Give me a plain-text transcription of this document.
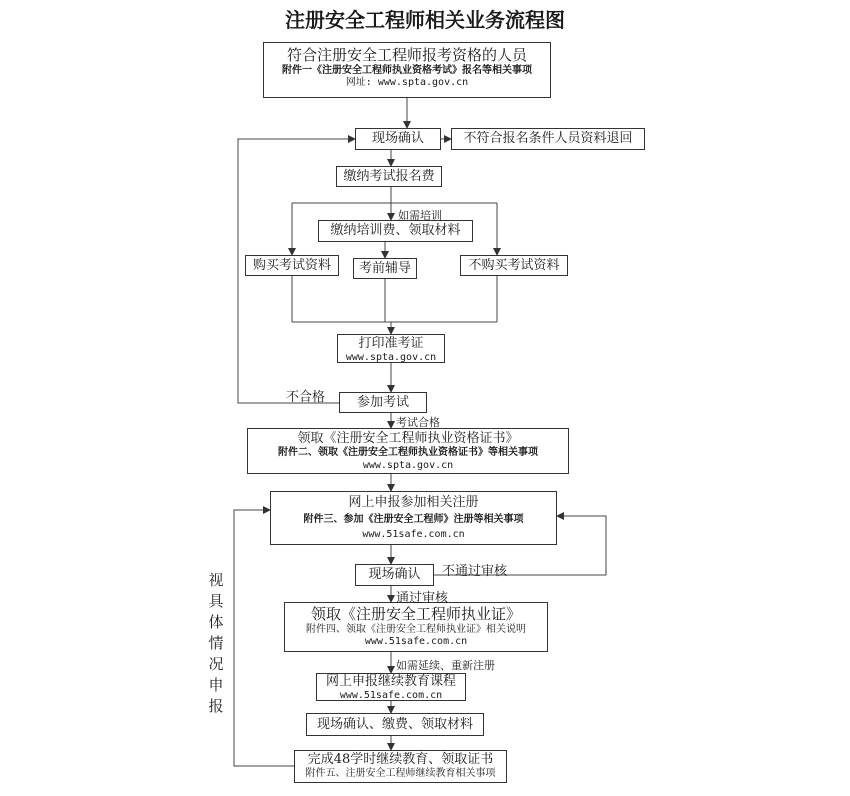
注册安全工程师相关业务流程图
符合注册安全工程师报考资格的人员
附件一《注册安全工程师执业资格考试》报名等相关事项
网址: www.spta.gov.cn
现场确认	不符合报名条件人员资料退回
缴纳考试报名费
缴纳培训费、领取材料
购买考试资料	考前辅导	不购买考试资料
打印准考证
www.spta.gov.cn
参加考试
领取《注册安全工程师执业资格证书》
附件二、领取《注册安全工程师执业资格证书》等相关事项
www.spta.gov.cn
网上申报参加相关注册
附件三、参加《注册安全工程师》注册等相关事项
www.51safe.com.cn
现场确认
领取《注册安全工程师执业证》
附件四、领取《注册安全工程师执业证》相关说明
www.51safe.com.cn
网上申报继续教育课程
www.51safe.com.cn
现场确认、缴费、领取材料
完成48学时继续教育、领取证书
附件五、注册安全工程师继续教育相关事项
如需培训
不合格
考试合格
不通过审核
通过审核
如需延续、重新注册
视具体情况申报
